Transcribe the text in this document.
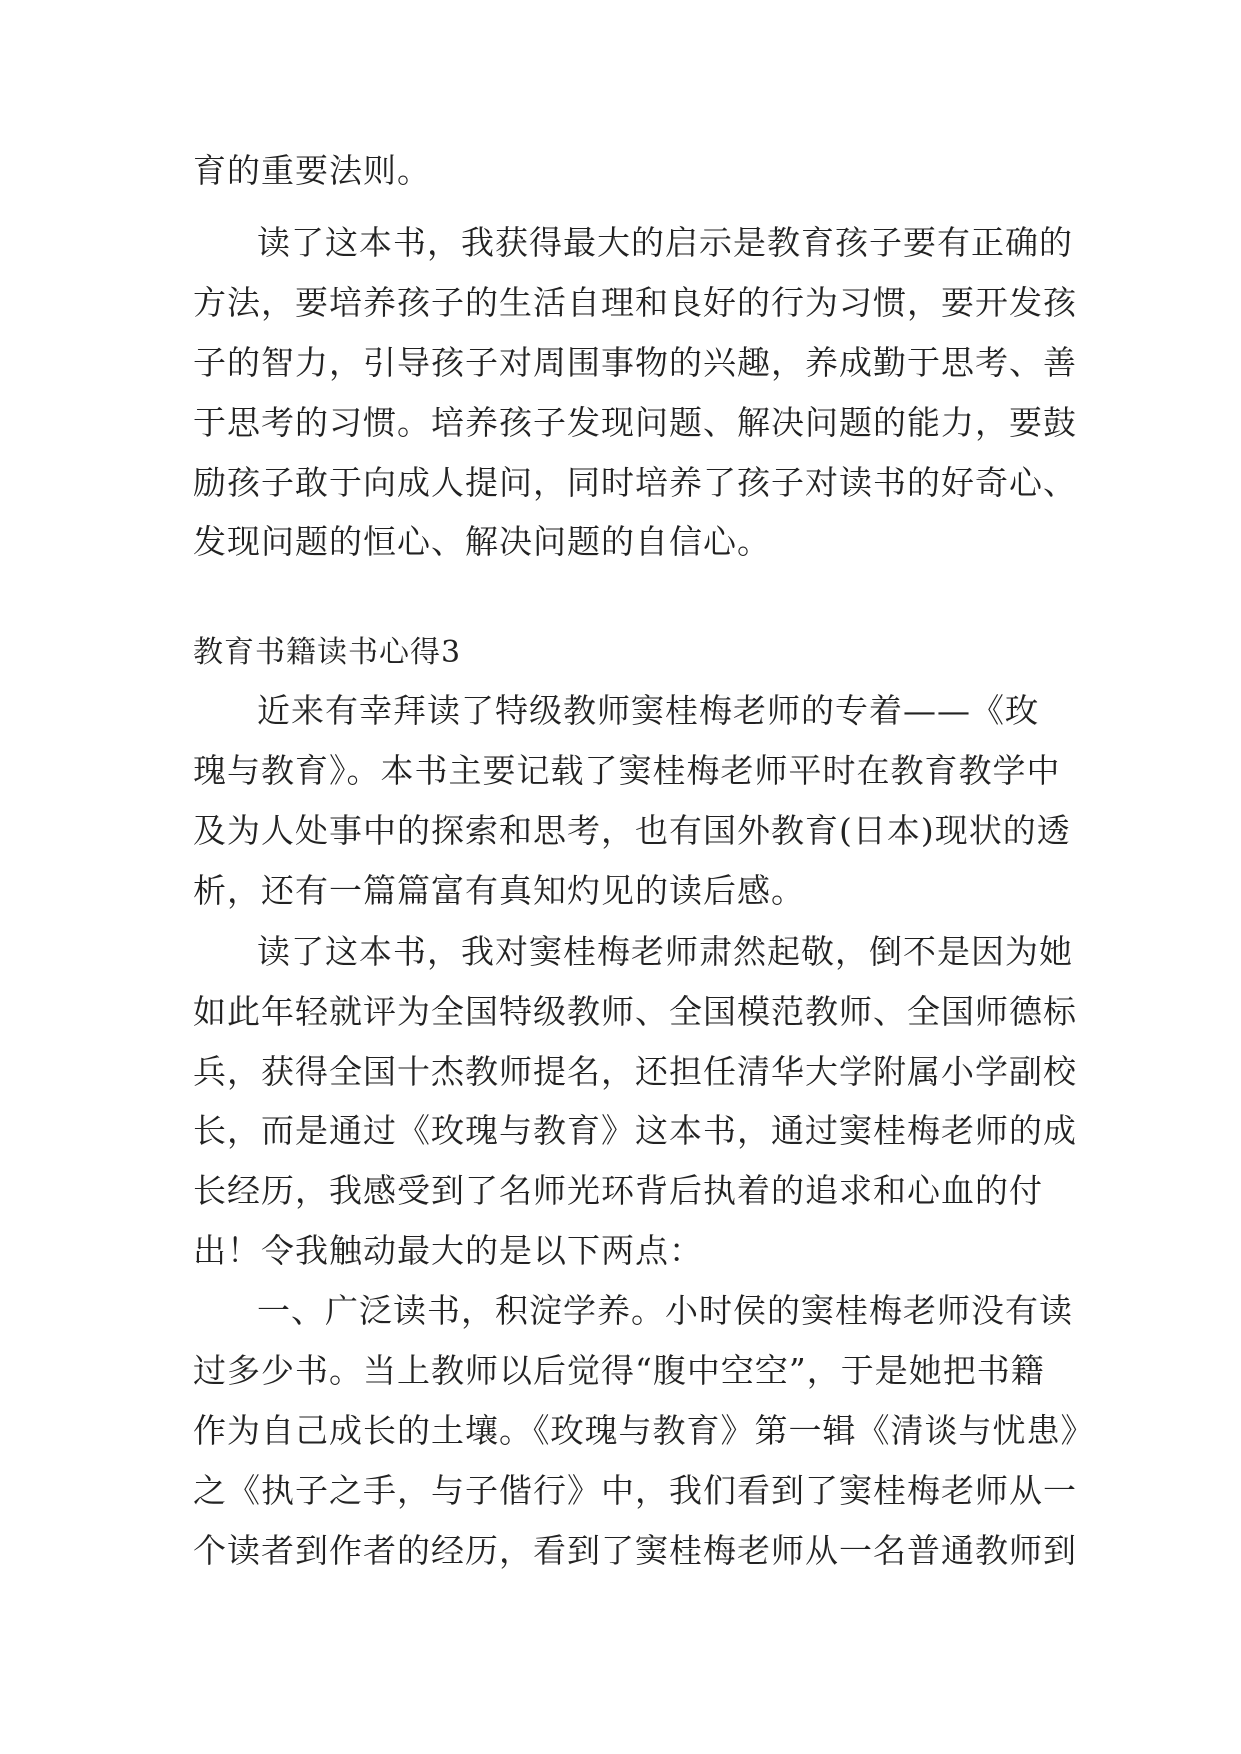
育的重要法则。

读了这本书，我获得最大的启示是教育孩子要有正确的

方法，要培养孩子的生活自理和良好的行为习惯，要开发孩

子的智力，引导孩子对周围事物的兴趣，养成勤于思考、善

于思考的习惯。培养孩子发现问题、解决问题的能力，要鼓

励孩子敢于向成人提问，同时培养了孩子对读书的好奇心、

发现问题的恒心、解决问题的自信心。

教育书籍读书心得3

近来有幸拜读了特级教师窦桂梅老师的专着——《玫

瑰与教育》。本书主要记载了窦桂梅老师平时在教育教学中

及为人处事中的探索和思考，也有国外教育(日本)现状的透

析，还有一篇篇富有真知灼见的读后感。

读了这本书，我对窦桂梅老师肃然起敬，倒不是因为她

如此年轻就评为全国特级教师、全国模范教师、全国师德标

兵，获得全国十杰教师提名，还担任清华大学附属小学副校

长，而是通过《玫瑰与教育》这本书，通过窦桂梅老师的成

长经历，我感受到了名师光环背后执着的追求和心血的付

出！令我触动最大的是以下两点：

一、广泛读书，积淀学养。小时侯的窦桂梅老师没有读

过多少书。当上教师以后觉得“腹中空空”，于是她把书籍

作为自己成长的土壤。《玫瑰与教育》第一辑《清谈与忧患》

之《执子之手，与子偕行》中，我们看到了窦桂梅老师从一

个读者到作者的经历，看到了窦桂梅老师从一名普通教师到
